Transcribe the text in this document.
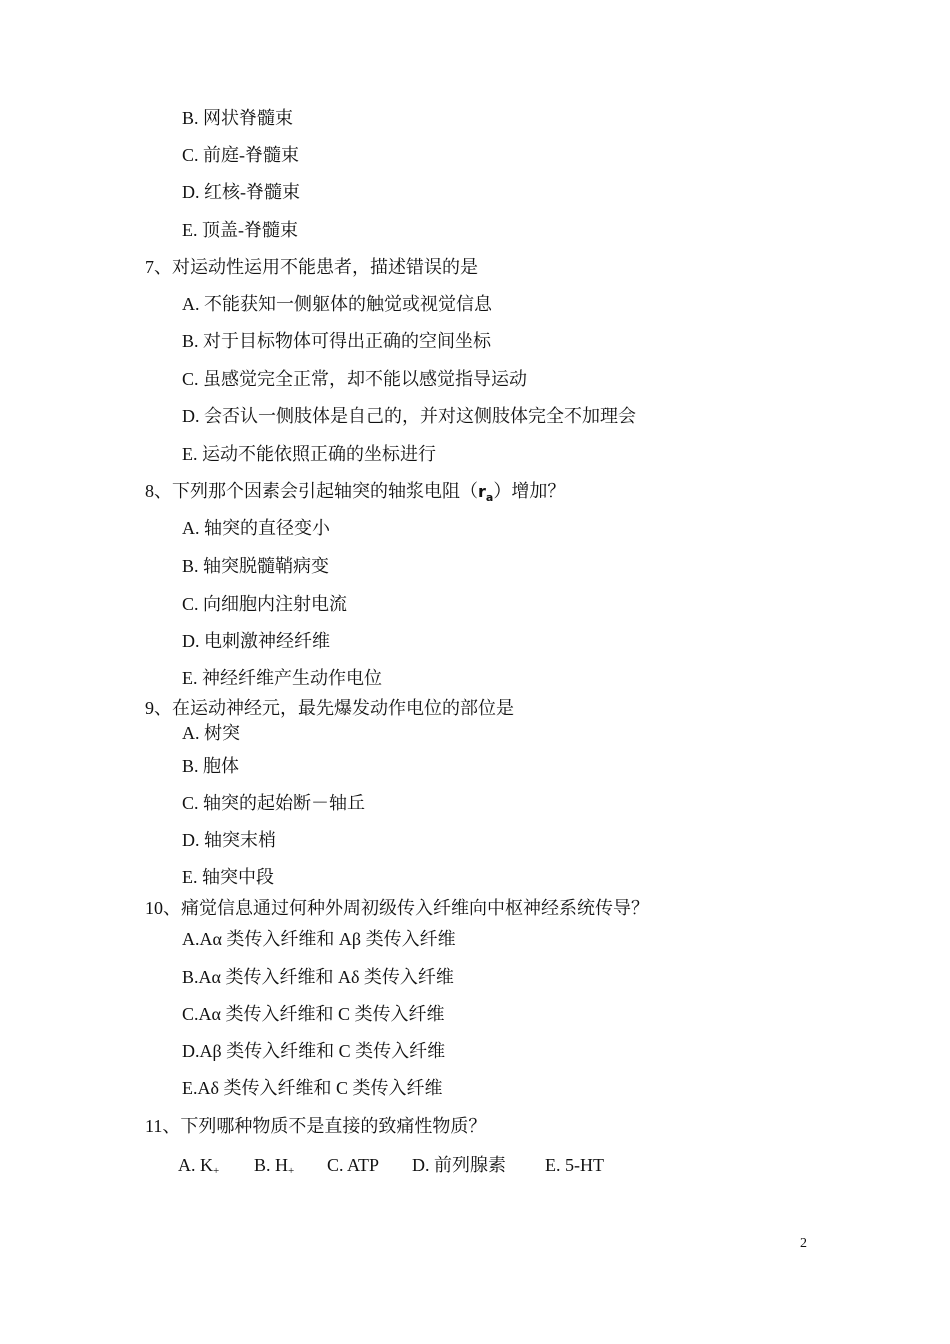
B. 网状脊髓束
C. 前庭-脊髓束
D. 红核-脊髓束
E. 顶盖-脊髓束
7、对运动性运用不能患者，描述错误的是
A. 不能获知一侧躯体的触觉或视觉信息
B. 对于目标物体可得出正确的空间坐标
C. 虽感觉完全正常，却不能以感觉指导运动
D. 会否认一侧肢体是自己的，并对这侧肢体完全不加理会
E. 运动不能依照正确的坐标进行
8、下列那个因素会引起轴突的轴浆电阻$(r_a)$增加？
A. 轴突的直径变小
B. 轴突脱髓鞘病变
C. 向细胞内注射电流
D. 电刺激神经纤维
E. 神经纤维产生动作电位
9、在运动神经元，最先爆发动作电位的部位是
A. 树突
B. 胞体
C. 轴突的起始断－轴丘
D. 轴突末梢
E. 轴突中段
10、痛觉信息通过何种外周初级传入纤维向中枢神经系统传导？
A.Aα 类传入纤维和 Aβ 类传入纤维
B.Aα 类传入纤维和 Aδ 类传入纤维
C.Aα 类传入纤维和 C 类传入纤维
D.Aβ 类传入纤维和 C 类传入纤维
E.Aδ 类传入纤维和 C 类传入纤维
11、下列哪种物质不是直接的致痛性物质？
A. $K_+$ B. $H_+$ C. ATP D. 前列腺素 E. 5-HT
2
